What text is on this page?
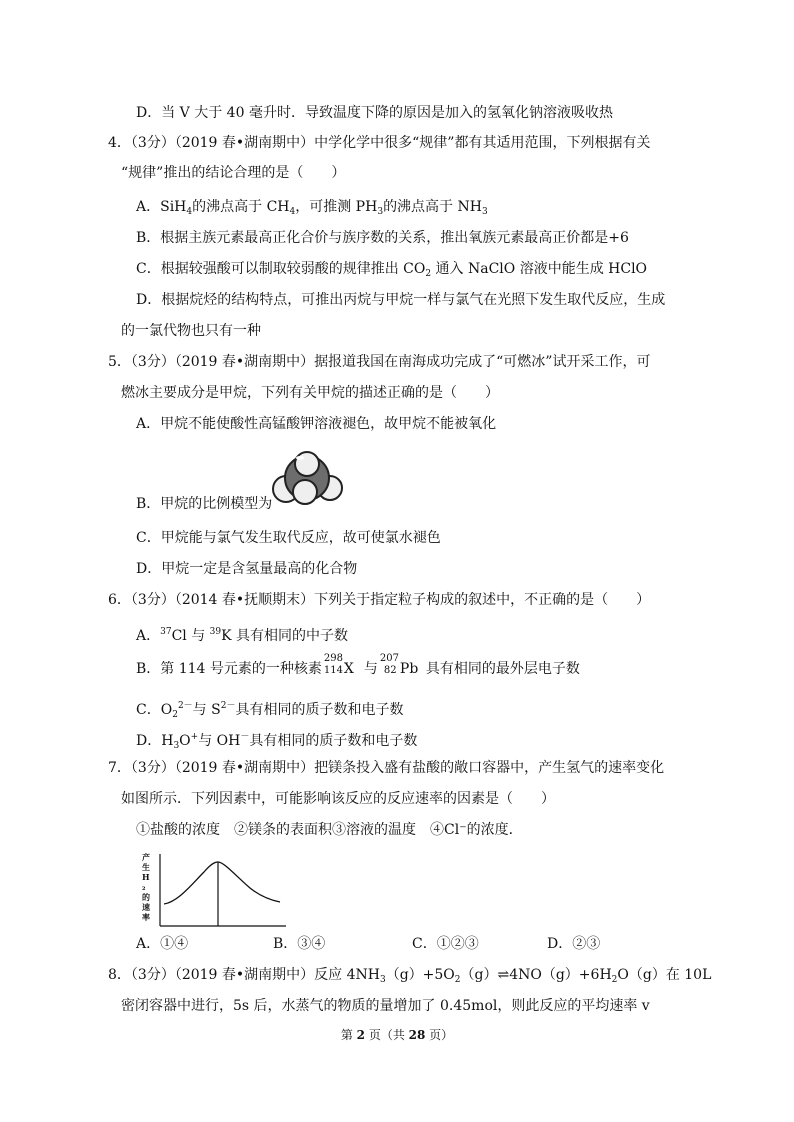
D．当 V 大于 40 毫升时．导致温度下降的原因是加入的氢氧化钠溶液吸收热
4．（3分）（2019 春•湖南期中）中学化学中很多“规律”都有其适用范围，下列根据有关
“规律”推出的结论合理的是（　　）
A．SiH$_4$的沸点高于 $CH_4$，可推测 $PH_3$的沸点高于 $NH_3$
B．根据主族元素最高正化合价与族序数的关系，推出氧族元素最高正价都是+6
C．根据较强酸可以制取较弱酸的规律推出 $CO_2$ 通入 NaClO 溶液中能生成 HClO
D．根据烷烃的结构特点，可推出丙烷与甲烷一样与氯气在光照下发生取代反应，生成
的一氯代物也只有一种
5．（3分）（2019 春•湖南期中）据报道我国在南海成功完成了“可燃冰”试开采工作，可
燃冰主要成分是甲烷，下列有关甲烷的描述正确的是（　　）
A．甲烷不能使酸性高锰酸钾溶液褪色，故甲烷不能被氧化
B．甲烷的比例模型为
C．甲烷能与氯气发生取代反应，故可使氯水褪色
D．甲烷一定是含氢量最高的化合物
6．（3分）（2014 春•抚顺期末）下列关于指定粒子构成的叙述中，不正确的是（　　）
A．$^{37}$Cl 与 $^{39}$K 具有相同的中子数
B．第 114 号元素的一种核素
298
114 X 与
207
82 Pb 具有相同的最外层电子数
C．$O_2^{2-}$与 $S^{2-}$具有相同的质子数和电子数
D．$H_3O^+$与 OH－具有相同的质子数和电子数
7．（3分）（2019 春•湖南期中）把镁条投入盛有盐酸的敞口容器中，产生氢气的速率变化
如图所示．下列因素中，可能影响该反应的反应速率的因素是（　　）
①盐酸的浓度　②镁条的表面积③溶液的温度　④Cl⁻的浓度．
产生 H ₂ 的速率
A．①④	B．③④	C．①②③	D．②③
8．（3分）（2019 春•湖南期中）反应 $4NH_3(g)+5O_2(g)\rightleftharpoons 4NO(g)+6H_2O(g)$在 10L
密闭容器中进行，5s 后，水蒸气的物质的量增加了 0.45mol，则此反应的平均速率 v
第 2 页（共 28 页）
